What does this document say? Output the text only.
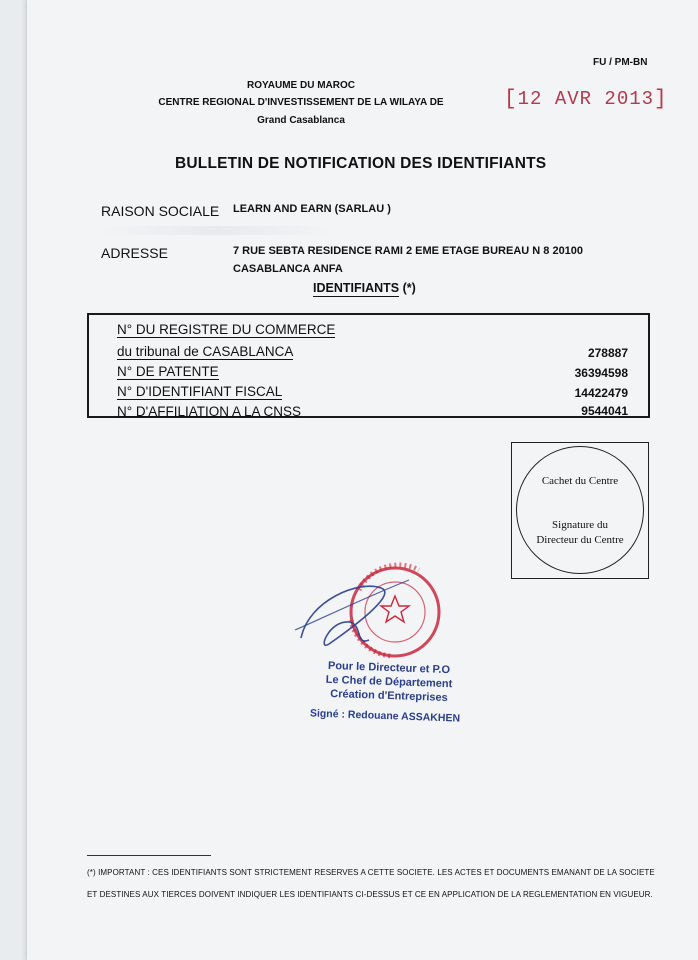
FU / PM-BN
ROYAUME DU MAROC
CENTRE REGIONAL D'INVESTISSEMENT DE LA WILAYA DE
Grand Casablanca
[12 AVR 2013]
BULLETIN DE NOTIFICATION DES IDENTIFIANTS
RAISON SOCIALE LEARN AND EARN (SARLAU )
ADRESSE	7 RUE SEBTA RESIDENCE RAMI 2 EME ETAGE BUREAU N 8 20100
CASABLANCA ANFA
IDENTIFIANTS (*)
N° DU REGISTRE DU COMMERCE
du tribunal de CASABLANCA	278887
N° DE PATENTE	36394598
N° D'IDENTIFIANT FISCAL	14422479
N° D'AFFILIATION A LA CNSS	9544041
Cachet du Centre
Signature du
Directeur du Centre
Pour le Directeur et P.O
Le Chef de Département
Création d'Entreprises
Signé : Redouane ASSAKHEN
(*) IMPORTANT : CES IDENTIFIANTS SONT STRICTEMENT RESERVES A CETTE SOCIETE. LES ACTES ET DOCUMENTS EMANANT DE LA SOCIETE ET DESTINES AUX TIERCES DOIVENT INDIQUER LES IDENTIFIANTS CI-DESSUS ET CE EN APPLICATION DE LA REGLEMENTATION EN VIGUEUR.
